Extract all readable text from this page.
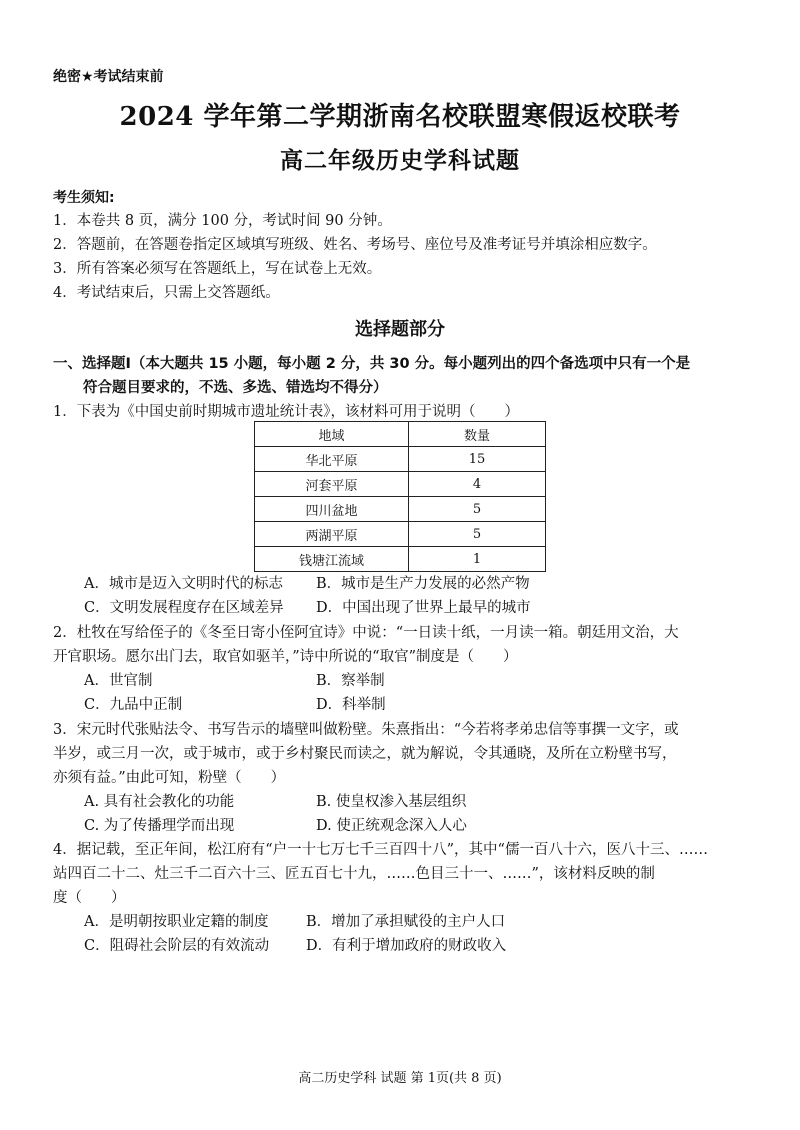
绝密★考试结束前
2024 学年第二学期浙南名校联盟寒假返校联考
高二年级历史学科试题
考生须知:
1．本卷共 8 页，满分 100 分，考试时间 90 分钟。
2．答题前，在答题卷指定区域填写班级、姓名、考场号、座位号及准考证号并填涂相应数字。
3．所有答案必须写在答题纸上，写在试卷上无效。
4．考试结束后，只需上交答题纸。
选择题部分
一、选择题Ⅰ（本大题共 15 小题，每小题 2 分，共 30 分。每小题列出的四个备选项中只有一个是
符合题目要求的，不选、多选、错选均不得分）
1．下表为《中国史前时期城市遗址统计表》，该材料可用于说明（　　）
地域	数量
华北平原	15
河套平原	4
四川盆地	5
两湖平原	5
钱塘江流域	1
A．城市是迈入文明时代的标志 B．城市是生产力发展的必然产物
C．文明发展程度存在区域差异 D．中国出现了世界上最早的城市
2．杜牧在写给侄子的《冬至日寄小侄阿宜诗》中说：“一日读十纸，一月读一箱。朝廷用文治，大
开官职场。愿尔出门去，取官如驱羊，”诗中所说的“取官”制度是（　　）
A．世官制	B．察举制
C．九品中正制	D．科举制
3．宋元时代张贴法令、书写告示的墙壁叫做粉壁。朱熹指出：“今若将孝弟忠信等事撰一文字，或
半岁，或三月一次，或于城市，或于乡村聚民而读之，就为解说，令其通晓，及所在立粉壁书写，
亦须有益。”由此可知，粉壁（　　）
A. 具有社会教化的功能	B. 使皇权渗入基层组织
C. 为了传播理学而出现	D. 使正统观念深入人心
4．据记载，至正年间，松江府有“户一十七万七千三百四十八”，其中“儒一百八十六，医八十三、……
站四百二十二、灶三千二百六十三、匠五百七十九，……色目三十一、……”，该材料反映的制
度（　　）
A．是明朝按职业定籍的制度	B．增加了承担赋役的主户人口
C．阻碍社会阶层的有效流动	D．有利于增加政府的财政收入
高二历史学科 试题 第 1页(共 8 页)
